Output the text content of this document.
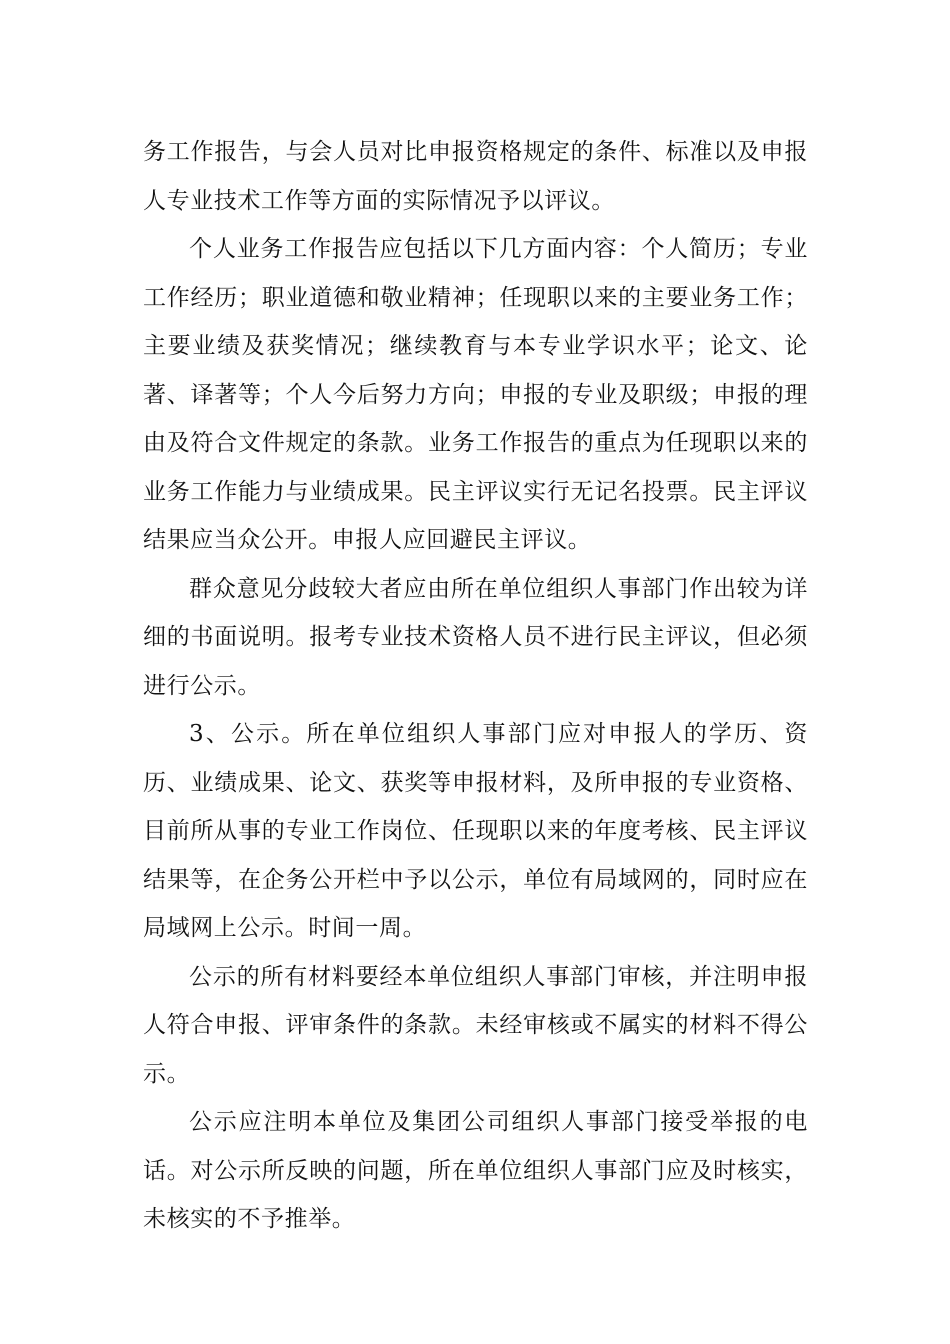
务工作报告，与会人员对比申报资格规定的条件、标准以及申报人专业技术工作等方面的实际情况予以评议。

个人业务工作报告应包括以下几方面内容：个人简历；专业工作经历；职业道德和敬业精神；任现职以来的主要业务工作；主要业绩及获奖情况；继续教育与本专业学识水平；论文、论著、译著等；个人今后努力方向；申报的专业及职级；申报的理由及符合文件规定的条款。业务工作报告的重点为任现职以来的业务工作能力与业绩成果。民主评议实行无记名投票。民主评议结果应当众公开。申报人应回避民主评议。

群众意见分歧较大者应由所在单位组织人事部门作出较为详细的书面说明。报考专业技术资格人员不进行民主评议，但必须进行公示。

3、公示。所在单位组织人事部门应对申报人的学历、资历、业绩成果、论文、获奖等申报材料，及所申报的专业资格、目前所从事的专业工作岗位、任现职以来的年度考核、民主评议结果等，在企务公开栏中予以公示，单位有局域网的，同时应在局域网上公示。时间一周。

公示的所有材料要经本单位组织人事部门审核，并注明申报人符合申报、评审条件的条款。未经审核或不属实的材料不得公示。

公示应注明本单位及集团公司组织人事部门接受举报的电话。对公示所反映的问题，所在单位组织人事部门应及时核实，未核实的不予推举。
